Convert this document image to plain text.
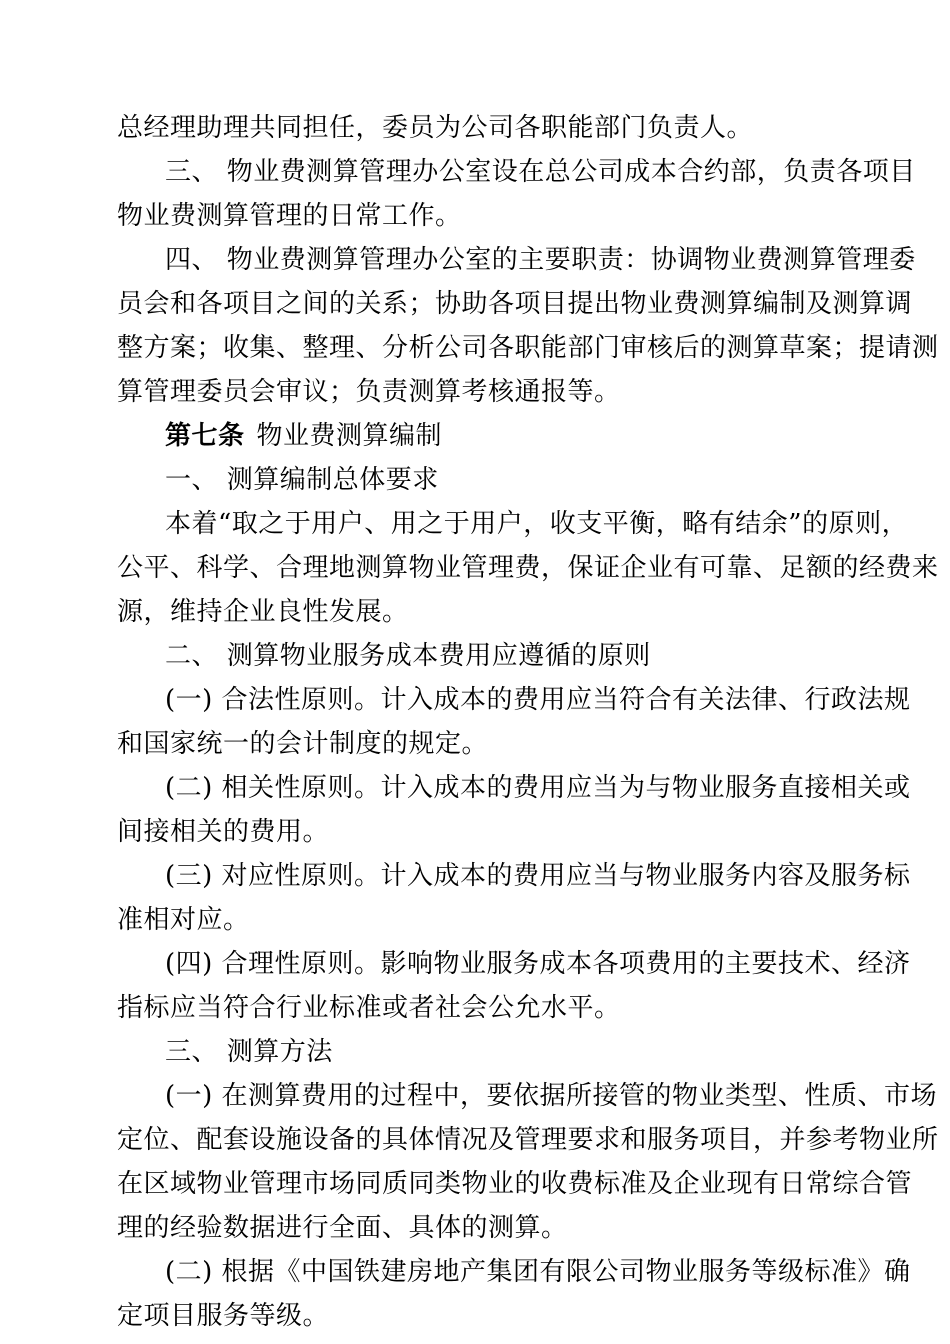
总经理助理共同担任，委员为公司各职能部门负责人。
三、 物业费测算管理办公室设在总公司成本合约部，负责各项目
物业费测算管理的日常工作。
四、 物业费测算管理办公室的主要职责：协调物业费测算管理委
员会和各项目之间的关系；协助各项目提出物业费测算编制及测算调
整方案；收集、整理、分析公司各职能部门审核后的测算草案；提请测
算管理委员会审议；负责测算考核通报等。
第七条 物业费测算编制
一、 测算编制总体要求
本着“取之于用户、用之于用户，收支平衡，略有结余”的原则，
公平、科学、合理地测算物业管理费，保证企业有可靠、足额的经费来
源，维持企业良性发展。
二、 测算物业服务成本费用应遵循的原则
(一) 合法性原则。计入成本的费用应当符合有关法律、行政法规
和国家统一的会计制度的规定。
(二) 相关性原则。计入成本的费用应当为与物业服务直接相关或
间接相关的费用。
(三) 对应性原则。计入成本的费用应当与物业服务内容及服务标
准相对应。
(四) 合理性原则。影响物业服务成本各项费用的主要技术、经济
指标应当符合行业标准或者社会公允水平。
三、 测算方法
(一) 在测算费用的过程中，要依据所接管的物业类型、性质、市场
定位、配套设施设备的具体情况及管理要求和服务项目，并参考物业所
在区域物业管理市场同质同类物业的收费标准及企业现有日常综合管
理的经验数据进行全面、具体的测算。
(二) 根据《中国铁建房地产集团有限公司物业服务等级标准》确
定项目服务等级。
